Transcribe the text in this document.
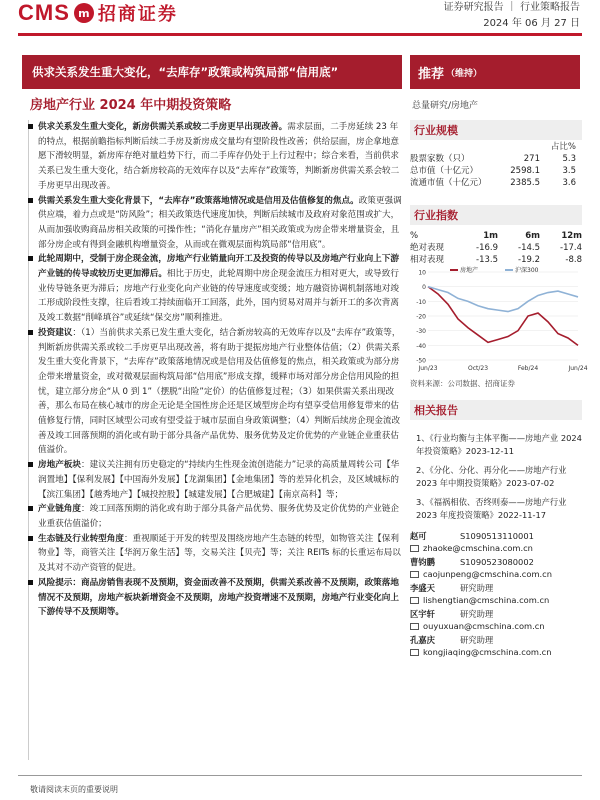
CMS m 招商证券	证券研究报告 ｜ 行业策略报告
2024 年 06 月 27 日
供求关系发生重大变化，“去库存”政策或构筑局部“信用底”	推荐 （维持）
房地产行业 2024 年中期投资策略	总量研究/房地产

供求关系发生重大变化，新房供需关系或较二手房更早出现改善。需求层面，二手房延续 23 年的特点，根据前瞻指标判断后续二手房及新房成交量均有望阶段性改善；供给层面，房企拿地意愿下滑较明显，新房库存绝对量趋势下行，而二手库存仍处于上行过程中；综合来看，当前供求关系已发生重大变化，结合新房较高的无效库存以及“去库存”政策等，判断新房供需关系会较二手房更早出现改善。

供需关系发生重大变化背景下，“去库存”政策落地情况或是信用及估值修复的焦点。政策更强调供应端，着力点或是“防风险”；相关政策迭代速度加快，判断后续城市及政府对象范围或扩大，从而加强收购商品房相关政策的可操作性；“消化存量房产”相关政策或为房企带来增量资金，且部分房企或有得到金融机构增量资金，从而或在微观层面构筑局部“信用底”。

此轮周期中，受制于房企现金流，房地产行业销量向开工及投资的传导以及房地产行业向上下游产业链的传导或较历史更加滞后。相比于历史，此轮周期中房企现金流压力相对更大，或导致行业传导链条更为滞后；房地产行业变化向产业链的传导速度或变缓；地方融资协调机制落地对竣工形成阶段性支撑，往后看竣工持续面临开工回落，此外，国内贸易对周并与新开工的多次背离及竣工数据“削峰填谷”或延续“保交房”顺利推进。

投资建议：（1）当前供求关系已发生重大变化，结合新房较高的无效库存以及“去库存”政策等，判断新房供需关系或较二手房更早出现改善，将有助于提振房地产行业整体估值；（2）供需关系发生重大变化背景下，“去库存”政策落地情况或是信用及估值修复的焦点，相关政策或为部分房企带来增量资金，或对微观层面构筑局部“信用底”形成支撑，缓释市场对部分房企信用风险的担忧，建立部分房企“从 0 到 1”（摆脱“出险”定价）的估值修复过程；（3）如果供需关系出现改善，那么布局在核心城市的房企无论是全国性房企还是区域型房企均有望享受信用修复带来的估值修复行情，同时区域型公司或有望受益于城市层面自身政策调整；（4）判断后续房企现金流改善及竣工回落预期的消化或有助于部分具备产品优势、服务优势及定价优势的产业链企业重获估值溢价。

房地产板块：建议关注拥有历史稳定的“持续内生性现金流创造能力”记录的高质量周转公司【华润置地】【保利发展】【中国海外发展】【龙湖集团】【金地集团】等的差异化机会，及区域城标的【滨江集团】【越秀地产】【城投控股】【城建发展】【合肥城建】【南京高科】等；

产业链角度：竣工回落预期的消化或有助于部分具备产品优势、服务优势及定价优势的产业链企业重获估值溢价；

生态链及行业转型角度：重视顺延于开发的转型及围绕房地产生态链的转型，如物管关注【保利物业】等，商管关注【华润万象生活】等，交易关注【贝壳】等；关注 REITs 标的长重运布局以及其对不动产资管的促进。

风险提示：商品房销售表现不及预期，资金面改善不及预期，供需关系改善不及预期，政策落地情况不及预期，房地产板块新增资金不及预期，房地产投资增速不及预期，房地产行业变化向上下游传导不及预期等。

行业规模
占比%
股票家数（只）	271	5.3
总市值（十亿元）	2598.1	3.5
流通市值（十亿元）	2385.5	3.6
行业指数
%	1m	6m	12m
绝对表现	-16.9	-14.5	-17.4
相对表现	-13.5	-19.2	-8.8
10
0
-10
-20
-30
-40
-50
Jun/23	Oct/23	Feb/24	Jun/24
房地产	沪深300
资料来源：公司数据、招商证券
相关报告
1、《行业均衡与主体平衡——房地产业 2024 年投资策略》2023-12-11
2、《分化、分化、再分化——房地产行业 2023 年中期投资策略》2023-07-02
3、《福祸相依、否终则泰——房地产行业 2023 年度投资策略》2022-11-17
赵可	S1090513110001
zhaoke@cmschina.com.cn
曹钧鹏	S1090523080002
caojunpeng@cmschina.com.cn
李盛天	研究助理
lishengtian@cmschina.com.cn
区宇轩	研究助理
ouyuxuan@cmschina.com.cn
孔嘉庆	研究助理
kongjiaqing@cmschina.com.cn
敬请阅读末页的重要说明
